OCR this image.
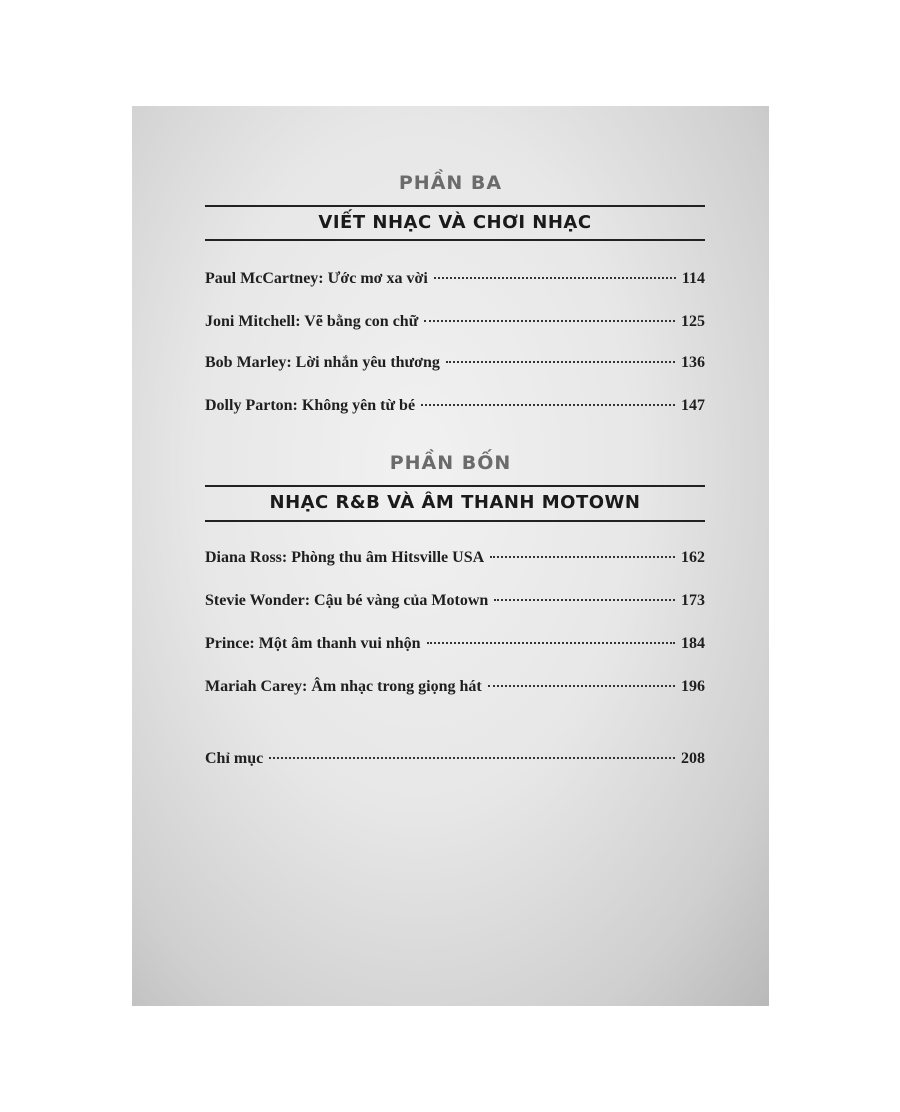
PHẦN BA
VIẾT NHẠC VÀ CHƠI NHẠC
Paul McCartney: Ước mơ xa vời	114
Joni Mitchell: Vẽ bằng con chữ	125
Bob Marley: Lời nhắn yêu thương	136
Dolly Parton: Không yên từ bé	147
PHẦN BỐN
NHẠC R&B VÀ ÂM THANH MOTOWN
Diana Ross: Phòng thu âm Hitsville USA	162
Stevie Wonder: Cậu bé vàng của Motown	173
Prince: Một âm thanh vui nhộn	184
Mariah Carey: Âm nhạc trong giọng hát	196
Chỉ mục	208
